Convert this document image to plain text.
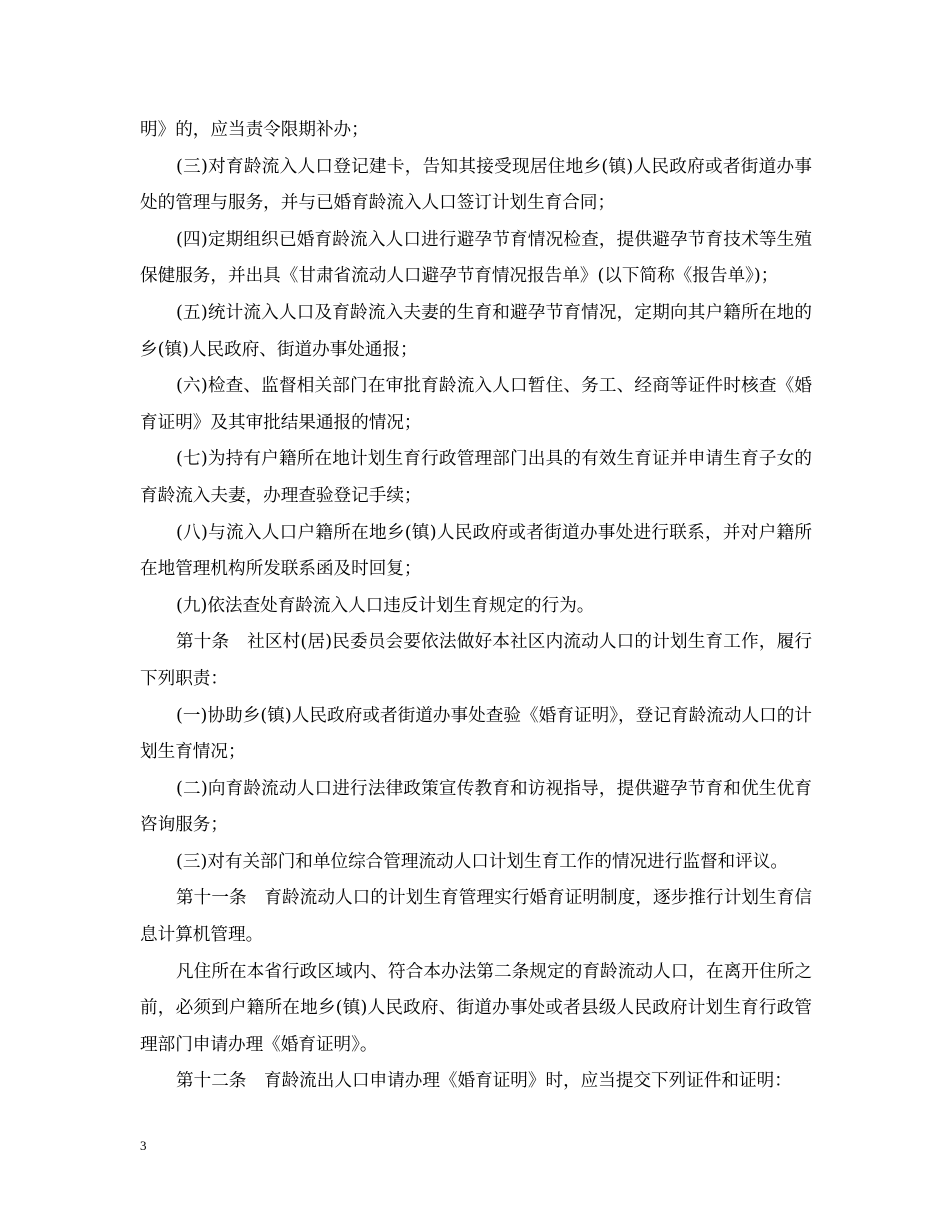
明》的，应当责令限期补办；

(三)对育龄流入人口登记建卡，告知其接受现居住地乡(镇)人民政府或者街道办事处的管理与服务，并与已婚育龄流入人口签订计划生育合同；

(四)定期组织已婚育龄流入人口进行避孕节育情况检查，提供避孕节育技术等生殖保健服务，并出具《甘肃省流动人口避孕节育情况报告单》(以下简称《报告单》)；

(五)统计流入人口及育龄流入夫妻的生育和避孕节育情况，定期向其户籍所在地的乡(镇)人民政府、街道办事处通报；

(六)检查、监督相关部门在审批育龄流入人口暂住、务工、经商等证件时核查《婚育证明》及其审批结果通报的情况；

(七)为持有户籍所在地计划生育行政管理部门出具的有效生育证并申请生育子女的育龄流入夫妻，办理查验登记手续；

(八)与流入人口户籍所在地乡(镇)人民政府或者街道办事处进行联系，并对户籍所在地管理机构所发联系函及时回复；

(九)依法查处育龄流入人口违反计划生育规定的行为。

第十条　社区村(居)民委员会要依法做好本社区内流动人口的计划生育工作，履行下列职责：

(一)协助乡(镇)人民政府或者街道办事处查验《婚育证明》，登记育龄流动人口的计划生育情况；

(二)向育龄流动人口进行法律政策宣传教育和访视指导，提供避孕节育和优生优育咨询服务；

(三)对有关部门和单位综合管理流动人口计划生育工作的情况进行监督和评议。

第十一条　育龄流动人口的计划生育管理实行婚育证明制度，逐步推行计划生育信息计算机管理。

凡住所在本省行政区域内、符合本办法第二条规定的育龄流动人口，在离开住所之前，必须到户籍所在地乡(镇)人民政府、街道办事处或者县级人民政府计划生育行政管理部门申请办理《婚育证明》。

第十二条　育龄流出人口申请办理《婚育证明》时，应当提交下列证件和证明：

3
